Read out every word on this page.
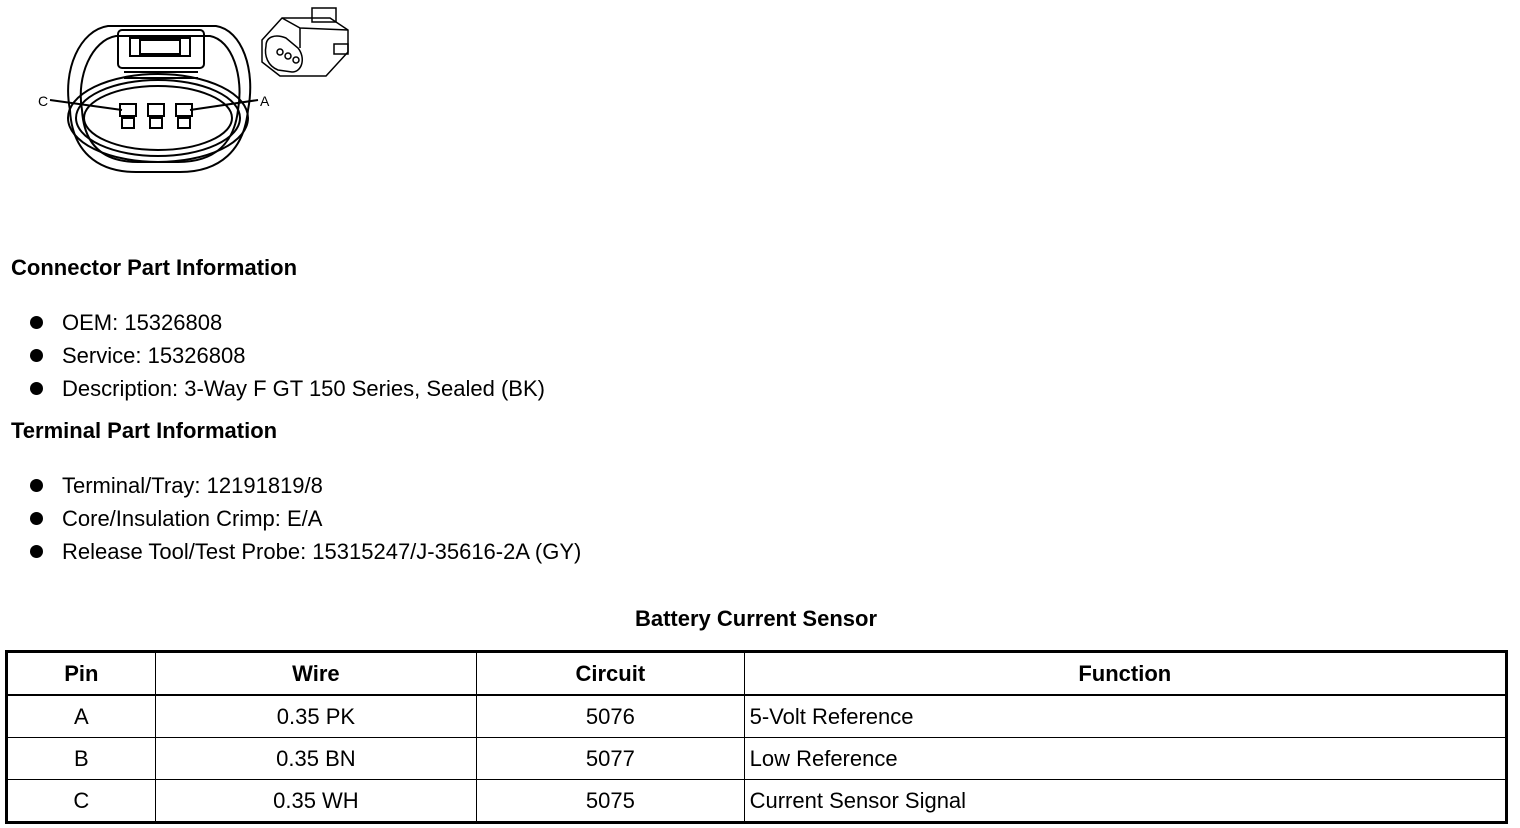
C	A
Connector Part Information
OEM: 15326808
Service: 15326808
Description: 3-Way F GT 150 Series, Sealed (BK)
Terminal Part Information
Terminal/Tray: 12191819/8
Core/Insulation Crimp: E/A
Release Tool/Test Probe: 15315247/J-35616-2A (GY)
Battery Current Sensor
Pin	Wire	Circuit	Function
A	0.35 PK	5076	5-Volt Reference
B	0.35 BN	5077	Low Reference
C	0.35 WH	5075	Current Sensor Signal
